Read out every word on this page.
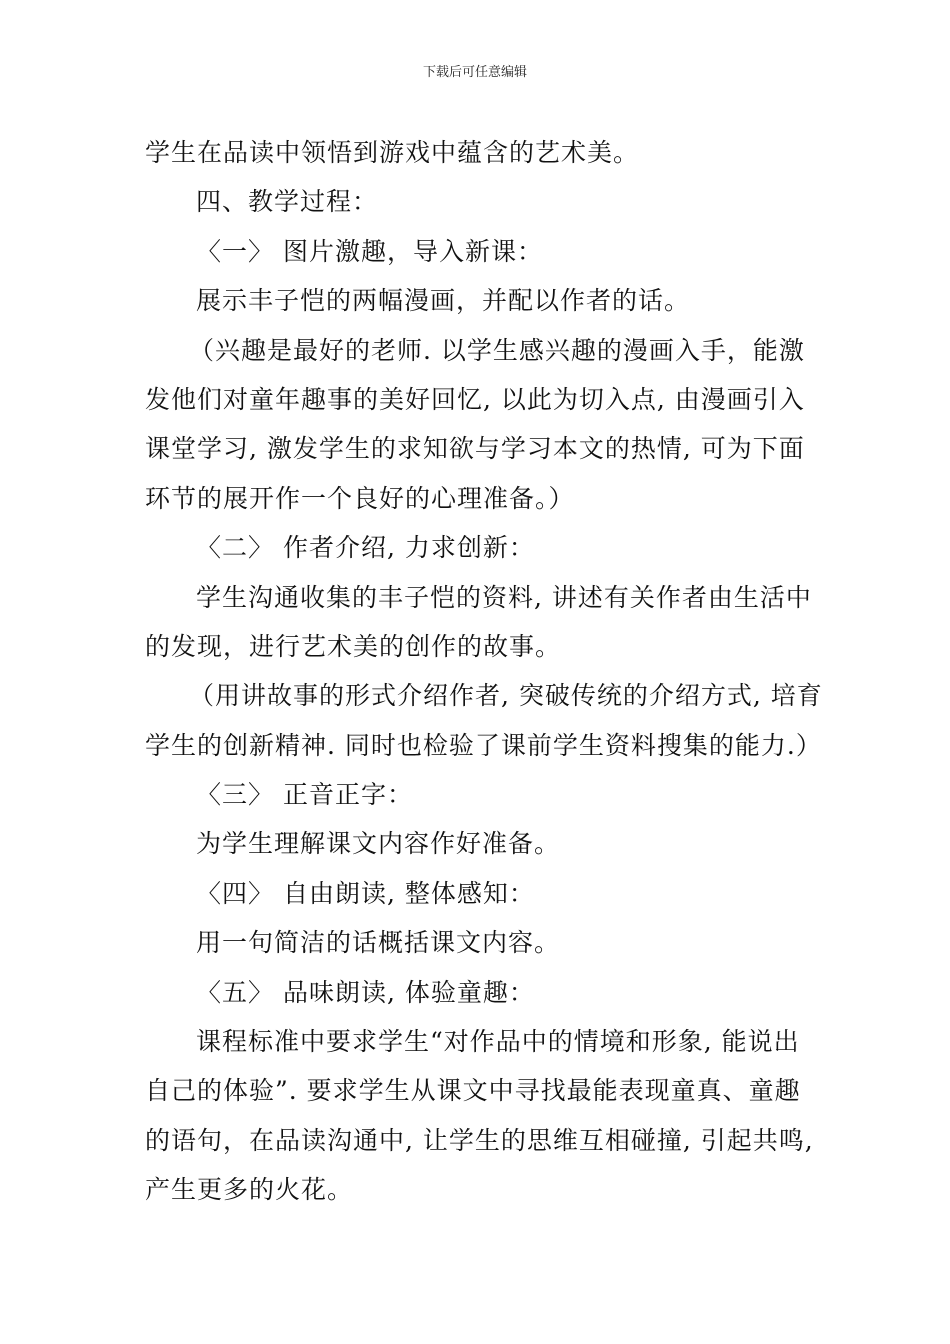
下载后可任意编辑
学生在品读中领悟到游戏中蕴含的艺术美。
四、教学过程：
〈一〉 图片激趣，导入新课：
展示丰子恺的两幅漫画，并配以作者的话。
（兴趣是最好的老师. 以学生感兴趣的漫画入手，能激
发他们对童年趣事的美好回忆, 以此为切入点, 由漫画引入
课堂学习, 激发学生的求知欲与学习本文的热情, 可为下面
环节的展开作一个良好的心理准备。）
〈二〉 作者介绍, 力求创新：
学生沟通收集的丰子恺的资料, 讲述有关作者由生活中
的发现，进行艺术美的创作的故事。
（用讲故事的形式介绍作者, 突破传统的介绍方式, 培育
学生的创新精神. 同时也检验了课前学生资料搜集的能力.）
〈三〉 正音正字：
为学生理解课文内容作好准备。
〈四〉 自由朗读, 整体感知：
用一句简洁的话概括课文内容。
〈五〉 品味朗读, 体验童趣：
课程标准中要求学生“对作品中的情境和形象, 能说出
自己的体验”. 要求学生从课文中寻找最能表现童真、童趣
的语句，在品读沟通中, 让学生的思维互相碰撞, 引起共鸣,
产生更多的火花。
